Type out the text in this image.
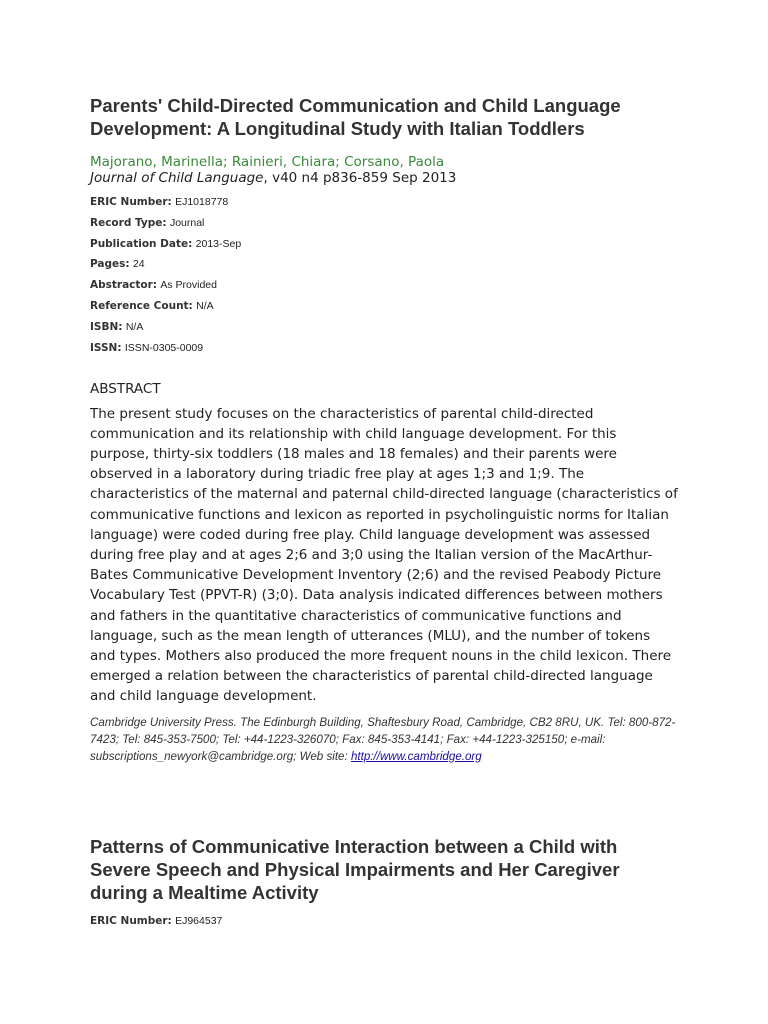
Parents' Child-Directed Communication and Child Language Development: A Longitudinal Study with Italian Toddlers
Majorano, Marinella; Rainieri, Chiara; Corsano, Paola
Journal of Child Language, v40 n4 p836-859 Sep 2013
ERIC Number: EJ1018778
Record Type: Journal
Publication Date: 2013-Sep
Pages: 24
Abstractor: As Provided
Reference Count: N/A
ISBN: N/A
ISSN: ISSN-0305-0009
ABSTRACT
The present study focuses on the characteristics of parental child-directed communication and its relationship with child language development. For this purpose, thirty-six toddlers (18 males and 18 females) and their parents were observed in a laboratory during triadic free play at ages 1;3 and 1;9. The characteristics of the maternal and paternal child-directed language (characteristics of communicative functions and lexicon as reported in psycholinguistic norms for Italian language) were coded during free play. Child language development was assessed during free play and at ages 2;6 and 3;0 using the Italian version of the MacArthur-Bates Communicative Development Inventory (2;6) and the revised Peabody Picture Vocabulary Test (PPVT-R) (3;0). Data analysis indicated differences between mothers and fathers in the quantitative characteristics of communicative functions and language, such as the mean length of utterances (MLU), and the number of tokens and types. Mothers also produced the more frequent nouns in the child lexicon. There emerged a relation between the characteristics of parental child-directed language and child language development.
Cambridge University Press. The Edinburgh Building, Shaftesbury Road, Cambridge, CB2 8RU, UK. Tel: 800-872-7423; Tel: 845-353-7500; Tel: +44-1223-326070; Fax: 845-353-4141; Fax: +44-1223-325150; e-mail: subscriptions_newyork@cambridge.org; Web site: http://www.cambridge.org
Patterns of Communicative Interaction between a Child with Severe Speech and Physical Impairments and Her Caregiver during a Mealtime Activity
ERIC Number: EJ964537
